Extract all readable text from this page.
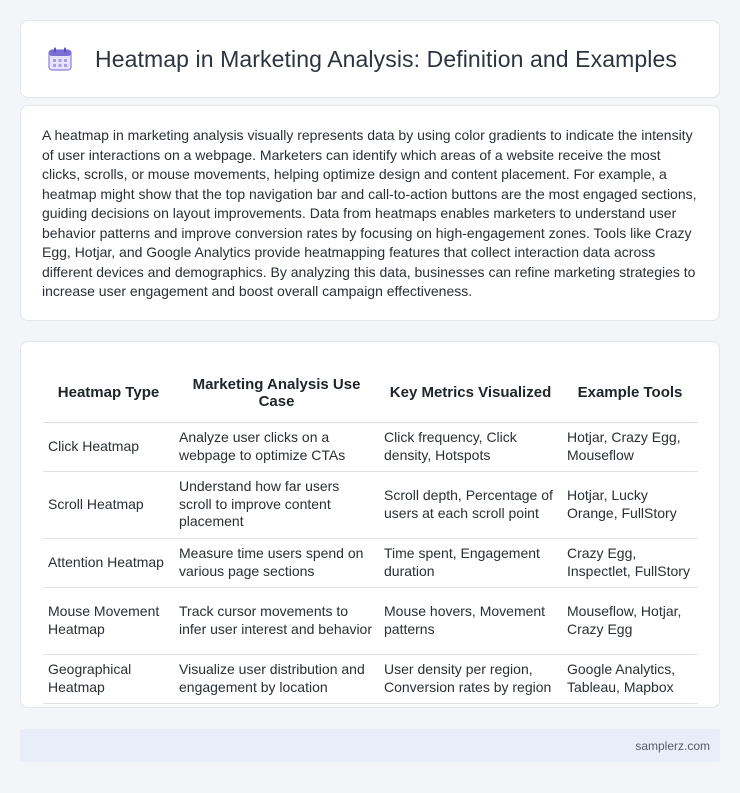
Heatmap in Marketing Analysis: Definition and Examples

A heatmap in marketing analysis visually represents data by using color gradients to indicate the intensity of user interactions on a webpage. Marketers can identify which areas of a website receive the most clicks, scrolls, or mouse movements, helping optimize design and content placement. For example, a heatmap might show that the top navigation bar and call-to-action buttons are the most engaged sections, guiding decisions on layout improvements. Data from heatmaps enables marketers to understand user behavior patterns and improve conversion rates by focusing on high-engagement zones. Tools like Crazy Egg, Hotjar, and Google Analytics provide heatmapping features that collect interaction data across different devices and demographics. By analyzing this data, businesses can refine marketing strategies to increase user engagement and boost overall campaign effectiveness.

Heatmap Type	Marketing Analysis Use Case	Key Metrics Visualized	Example Tools
Click Heatmap	Analyze user clicks on a webpage to optimize CTAs	Click frequency, Click density, Hotspots	Hotjar, Crazy Egg, Mouseflow
Scroll Heatmap	Understand how far users scroll to improve content placement	Scroll depth, Percentage of users at each scroll point	Hotjar, Lucky Orange, FullStory
Attention Heatmap	Measure time users spend on various page sections	Time spent, Engagement duration	Crazy Egg, Inspectlet, FullStory
Mouse Movement Heatmap	Track cursor movements to infer user interest and behavior	Mouse hovers, Movement patterns	Mouseflow, Hotjar, Crazy Egg
Geographical Heatmap	Visualize user distribution and engagement by location	User density per region, Conversion rates by region	Google Analytics, Tableau, Mapbox
samplerz.com
